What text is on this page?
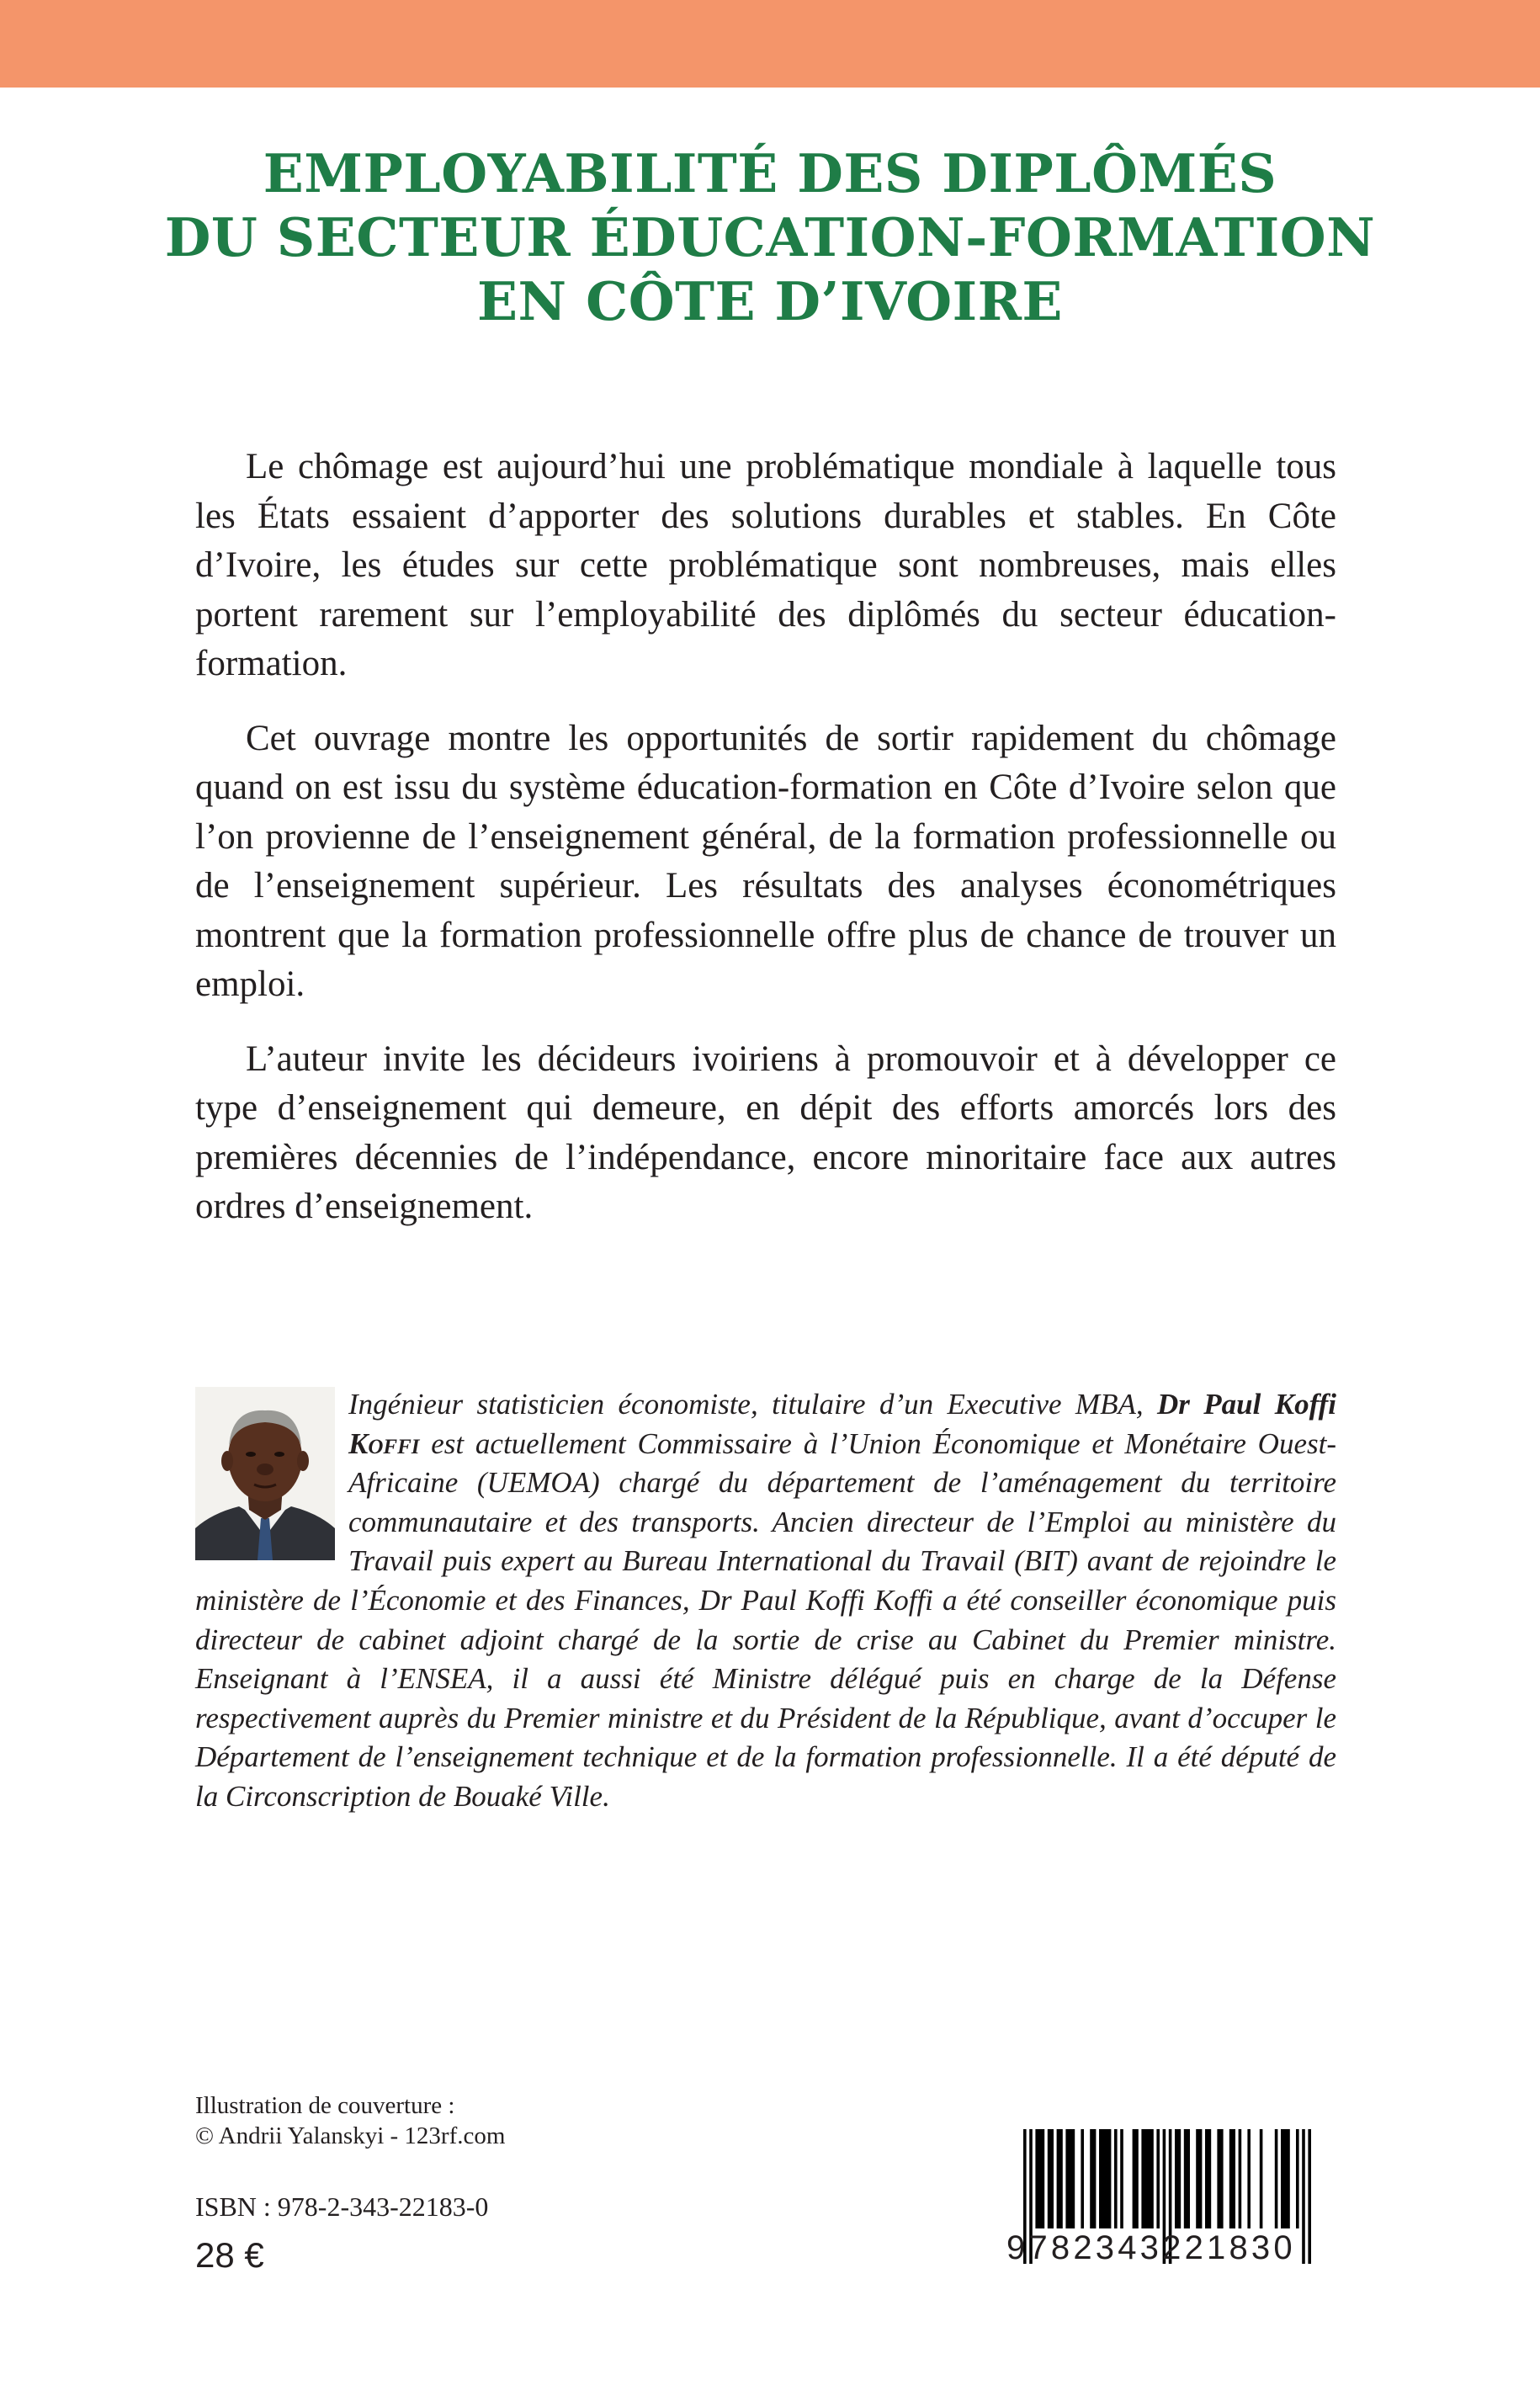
EMPLOYABILITÉ DES DIPLÔMÉS
DU SECTEUR ÉDUCATION-FORMATION
EN CÔTE D’IVOIRE

Le chômage est aujourd’hui une problématique mondiale à laquelle tous les États essaient d’apporter des solutions durables et stables. En Côte d’Ivoire, les études sur cette problématique sont nombreuses, mais elles portent rarement sur l’employabilité des diplômés du secteur éducation-formation.

Cet ouvrage montre les opportunités de sortir rapidement du chômage quand on est issu du système éducation-formation en Côte d’Ivoire selon que l’on provienne de l’enseignement général, de la formation professionnelle ou de l’enseignement supérieur. Les résultats des analyses économétriques montrent que la formation professionnelle offre plus de chance de trouver un emploi.

L’auteur invite les décideurs ivoiriens à promouvoir et à développer ce type d’enseignement qui demeure, en dépit des efforts amorcés lors des premières décennies de l’indépendance, encore minoritaire face aux autres ordres d’enseignement.

Ingénieur statisticien économiste, titulaire d’un Executive MBA, Dr Paul Koffi Koffi est actuellement Commissaire à l’Union Économique et Monétaire Ouest-Africaine (UEMOA) chargé du département de l’aménagement du territoire communautaire et des transports. Ancien directeur de l’Emploi au ministère du Travail puis expert au Bureau International du Travail (BIT) avant de rejoindre le ministère de l’Économie et des Finances, Dr Paul Koffi Koffi a été conseiller économique puis directeur de cabinet adjoint chargé de la sortie de crise au Cabinet du Premier ministre. Enseignant à l’ENSEA, il a aussi été Ministre délégué puis en charge de la Défense respectivement auprès du Premier ministre et du Président de la République, avant d’occuper le Département de l’enseignement technique et de la formation professionnelle. Il a été député de la Circonscription de Bouaké Ville.
Illustration de couverture :
© Andrii Yalanskyi - 123rf.com
ISBN : 978-2-343-22183-0
28 €	9782343221830
